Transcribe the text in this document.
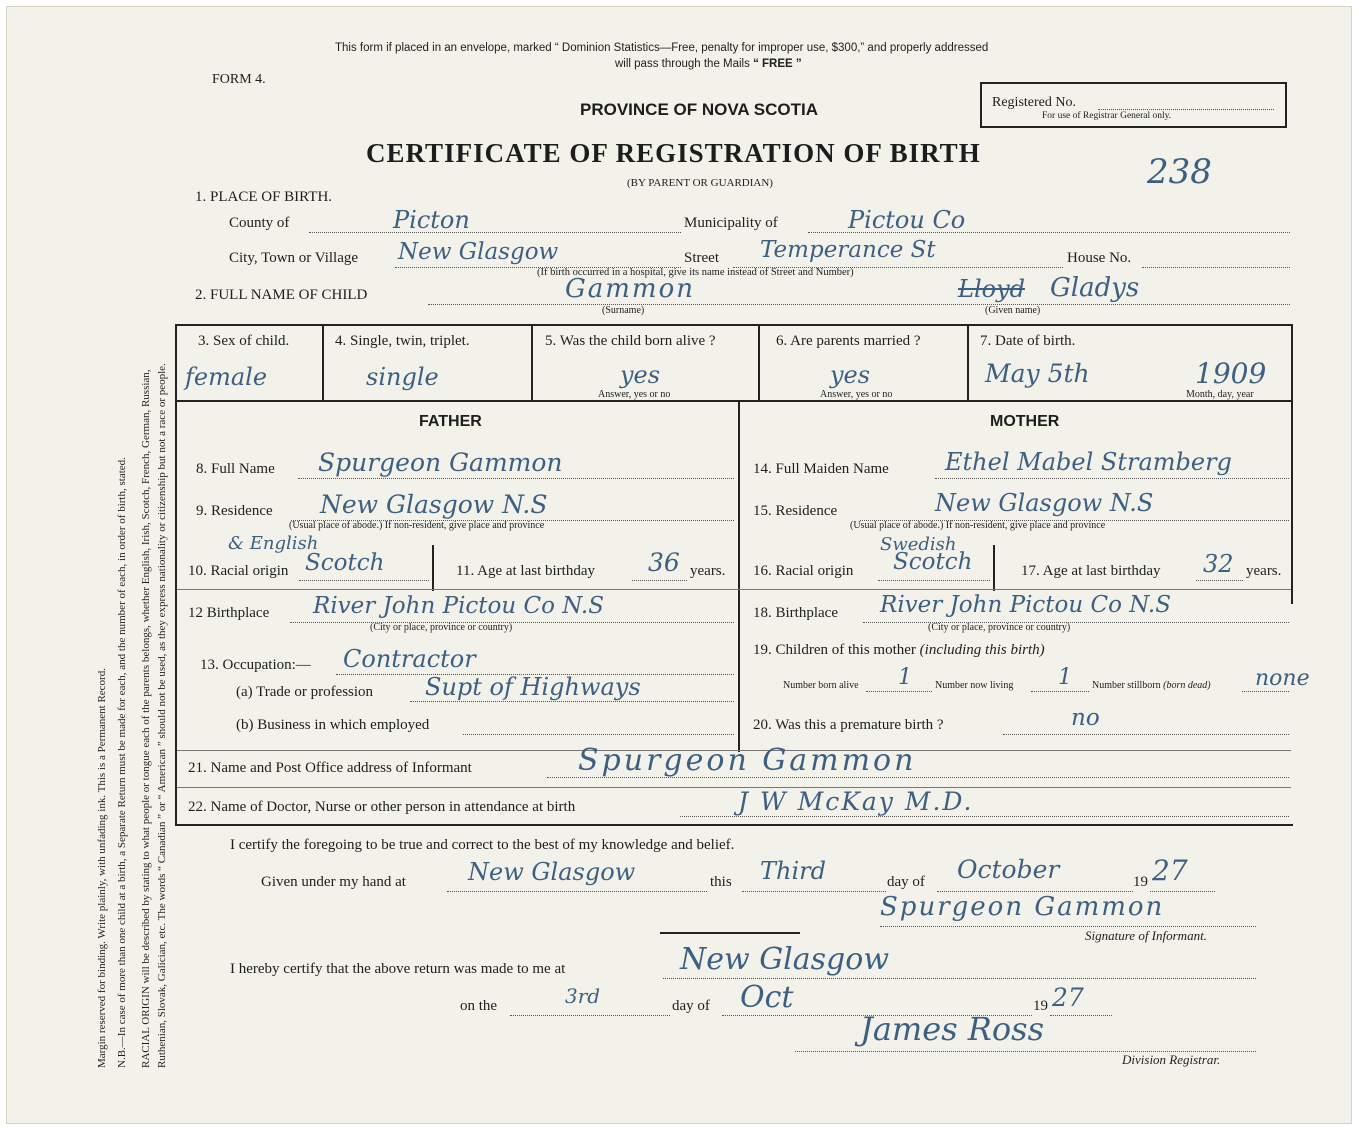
Margin reserved for binding. Write plainly, with unfading ink. This is a Permanent Record. N.B.—In case of more than one child at a birth, a Separate Return must be made for each, and the number of each, in order of birth, stated. RACIAL ORIGIN will be described by stating to what people or tongue each of the parents belongs, whether English, Irish, Scotch, French, German, Russian, Ruthenian, Slovak, Galician, etc. The words “ Canadian ” or “ American ” should not be used, as they express nationality or citizenship but not a race or people.
This form if placed in an envelope, marked “ Dominion Statistics—Free, penalty for improper use, $300,” and properly addressed
will pass through the Mails “ FREE ”
FORM 4.
PROVINCE OF NOVA SCOTIA
CERTIFICATE OF REGISTRATION OF BIRTH
(BY PARENT OR GUARDIAN)
Registered No.
For use of Registrar General only.
238
1. PLACE OF BIRTH.
County of	Picton	Municipality of	Pictou Co
City, Town or Village New Glasgow	Street Temperance St	House No.
(If birth occurred in a hospital, give its name instead of Street and Number)
2. FULL NAME OF CHILD	Gammon	Lloyd Gladys
(Surname)	(Given name)
3. Sex of child.
female
4. Single, twin, triplet.
single
5. Was the child born alive ?
yes
Answer, yes or no
6. Are parents married ?
yes
Answer, yes or no
7. Date of birth.
May 5th	1909
Month, day, year
FATHER	MOTHER
8. Full Name Spurgeon Gammon
9. Residence New Glasgow N.S
(Usual place of abode.) If non-resident, give place and province
& English
10. Racial origin Scotch	11. Age at last birthday 36 years.
12 Birthplace River John Pictou Co N.S
(City or place, province or country)
13. Occupation:— Contractor
(a) Trade or profession Supt of Highways
(b) Business in which employed
14. Full Maiden Name Ethel Mabel Stramberg
15. Residence	New Glasgow N.S
(Usual place of abode.) If non-resident, give place and province
Swedish
16. Racial origin Scotch	17. Age at last birthday 32 years.
18. Birthplace River John Pictou Co N.S
(City or place, province or country)
19. Children of this mother (including this birth)
Number born alive 1 Number now living 1 Number stillborn (born dead) none
20. Was this a premature birth ?	no
21. Name and Post Office address of Informant	Spurgeon Gammon
22. Name of Doctor, Nurse or other person in attendance at birth	J W McKay M.D.
I certify the foregoing to be true and correct to the best of my knowledge and belief.
Given under my hand at	New Glasgow	this Third	day of October	19 27
Spurgeon Gammon
Signature of Informant.
I hereby certify that the above return was made to me at	New Glasgow
on the	3rd	day of Oct	19 27
James Ross
Division Registrar.
